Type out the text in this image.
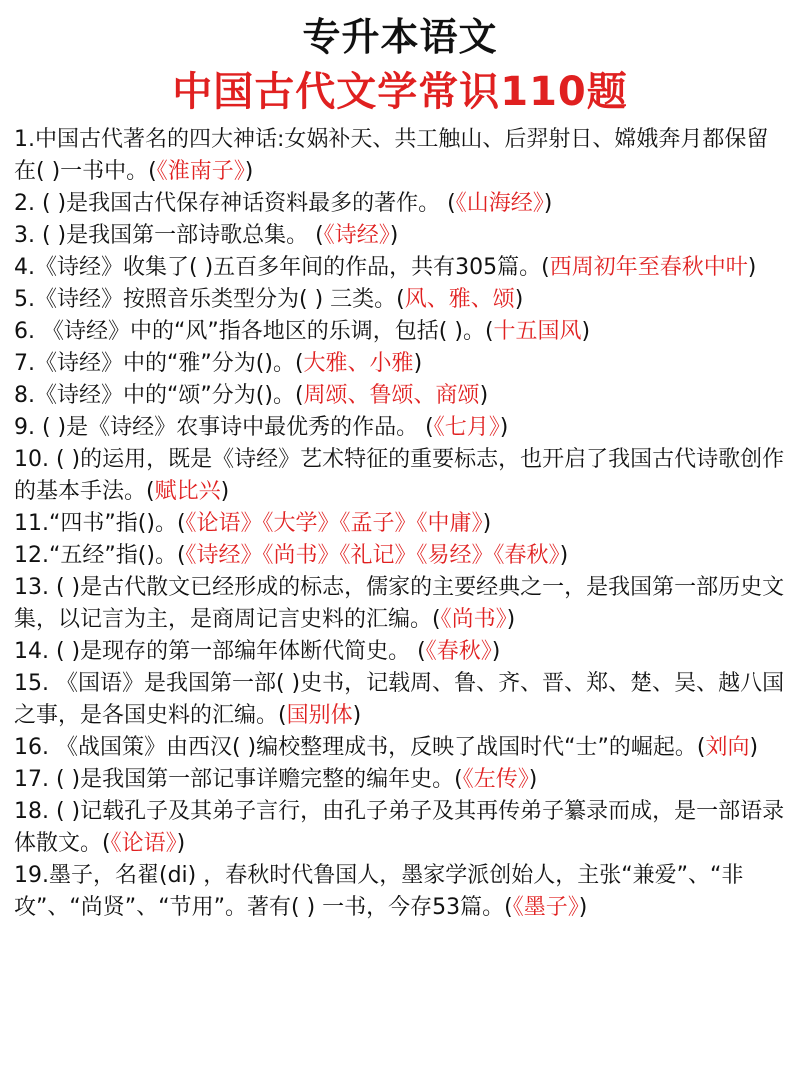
专升本语文
中国古代文学常识110题
1.中国古代著名的四大神话:女娲补天、共工触山、后羿射日、嫦娥奔月都保留在( )一书中。(《淮南子》)
2. ( )是我国古代保存神话资料最多的著作。 (《山海经》)
3. ( )是我国第一部诗歌总集。 (《诗经》)
4.《诗经》收集了( )五百多年间的作品，共有305篇。(西周初年至春秋中叶)
5.《诗经》按照音乐类型分为( ) 三类。(风、雅、颂)
6. 《诗经》中的“风”指各地区的乐调，包括( )。(十五国风)
7.《诗经》中的“雅”分为()。(大雅、小雅)
8.《诗经》中的“颂”分为()。(周颂、鲁颂、商颂)
9. ( )是《诗经》农事诗中最优秀的作品。 (《七月》)
10. ( )的运用，既是《诗经》艺术特征的重要标志，也开启了我国古代诗歌创作的基本手法。(赋比兴)
11.“四书”指()。(《论语》《大学》《孟子》《中庸》)
12.“五经”指()。(《诗经》《尚书》《礼记》《易经》《春秋》)
13. ( )是古代散文已经形成的标志，儒家的主要经典之一，是我国第一部历史文集，以记言为主，是商周记言史料的汇编。(《尚书》)
14. ( )是现存的第一部编年体断代简史。 (《春秋》)
15. 《国语》是我国第一部( )史书，记载周、鲁、齐、晋、郑、楚、吴、越八国之事，是各国史料的汇编。(国别体)
16. 《战国策》由西汉( )编校整理成书，反映了战国时代“士”的崛起。(刘向)
17. ( )是我国第一部记事详赡完整的编年史。(《左传》)
18. ( )记载孔子及其弟子言行，由孔子弟子及其再传弟子纂录而成，是一部语录体散文。(《论语》)
19.墨子，名翟(di) ，春秋时代鲁国人，墨家学派创始人，主张“兼爱”、“非攻”、“尚贤”、“节用”。著有( ) 一书，今存53篇。(《墨子》)
